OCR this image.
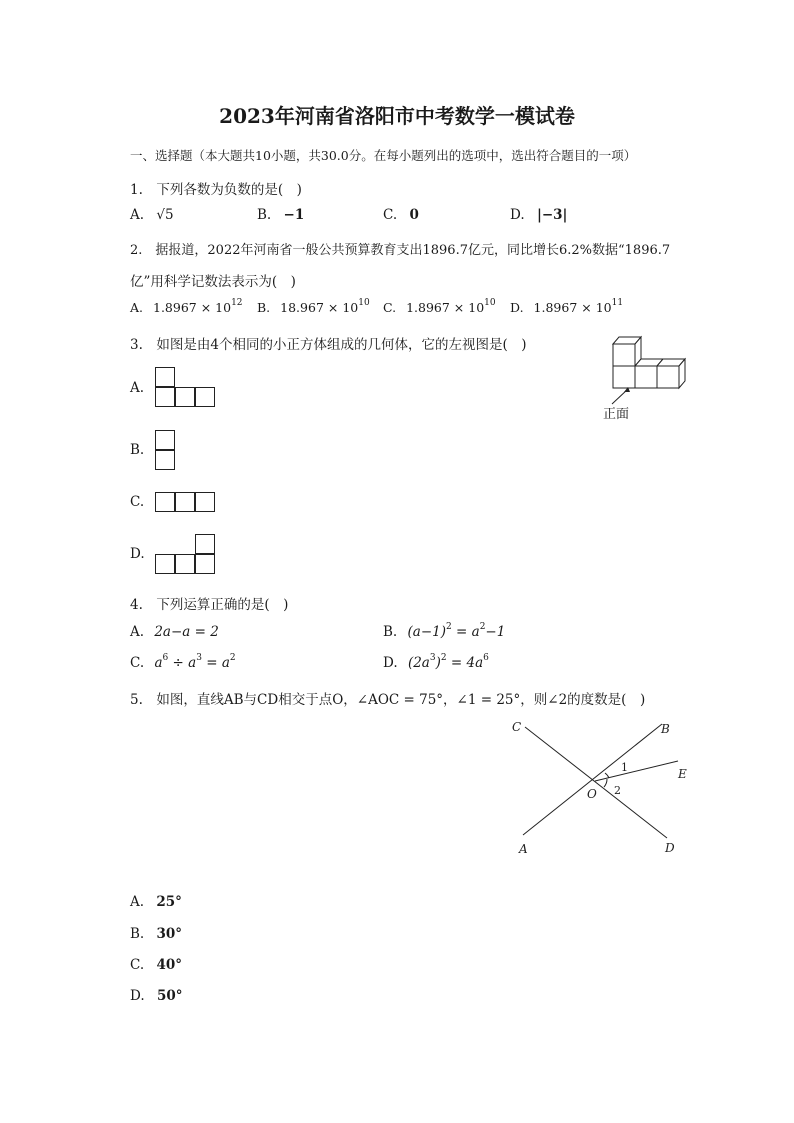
2023年河南省洛阳市中考数学一模试卷
一、选择题（本大题共10小题，共30.0分。在每小题列出的选项中，选出符合题目的一项）
1.　下列各数为负数的是(　)
A. √5	B. −1	C. 0	D. |−3|
2.　据报道，2022年河南省一般公共预算教育支出1896.7亿元，同比增长6.2%数据“1896.7
亿”用科学记数法表示为(　)
A. $1.8967 \times 10^{12}$ B. $18.967 \times 10^{10}$ C. $1.8967 \times 10^{10}$ D. $1.8967 \times 10^{11}$
3.　如图是由4个相同的小正方体组成的几何体，它的左视图是(　)
正面
A.
B.
C.
D.
4.　下列运算正确的是(　)
A. 2a−a = 2	B. $(a-1)^2 = a^2-1$
C. $a^6 \div a^3 = a^2$	D. $(2a^3)^2 = 4a^6$
5.　如图，直线AB与CD相交于点O，∠AOC = 75°，∠1 = 25°，则∠2的度数是(　)
C	B
E
O
A	D
1
2
A. 25°
B. 30°
C. 40°
D. 50°
